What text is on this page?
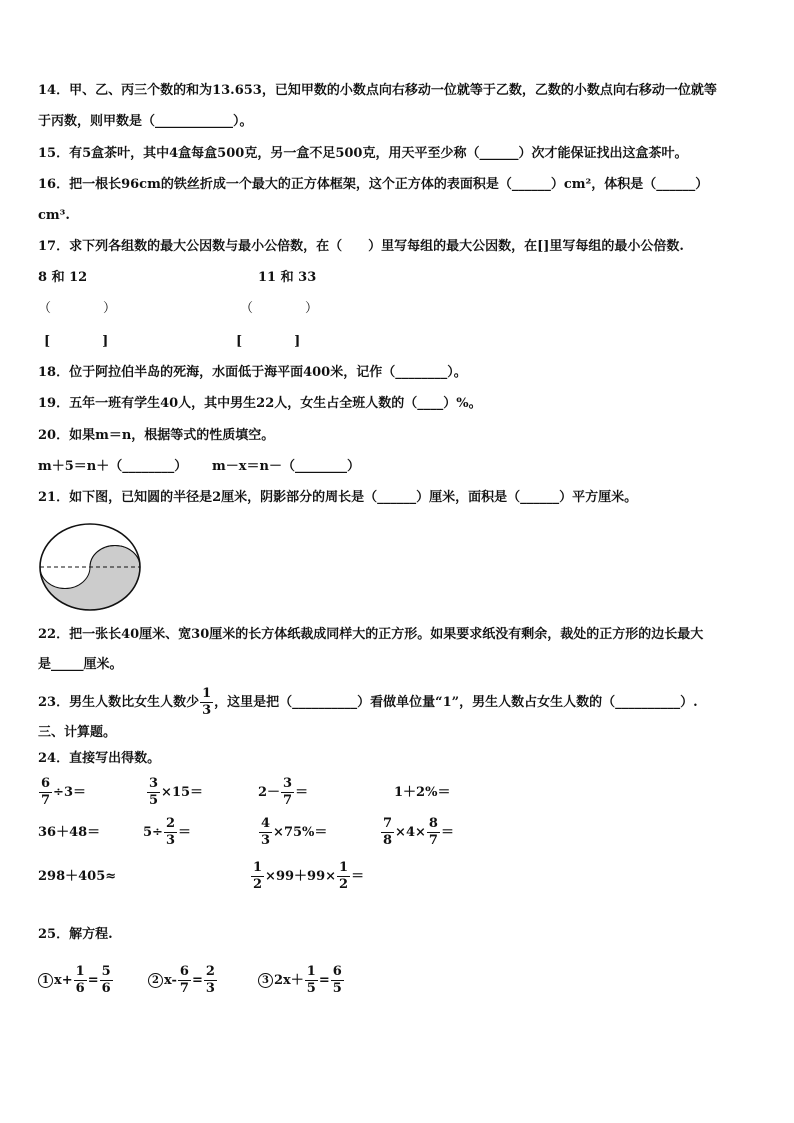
14．甲、乙、丙三个数的和为13.653，已知甲数的小数点向右移动一位就等于乙数，乙数的小数点向右移动一位就等
于丙数，则甲数是（____________）。
15．有5盒茶叶，其中4盒每盒500克，另一盒不足500克，用天平至少称（______）次才能保证找出这盒茶叶。
16．把一根长96cm的铁丝折成一个最大的正方体框架，这个正方体的表面积是（______）cm²，体积是（______）
cm³.
17．求下列各组数的最大公因数与最小公倍数，在（　　）里写每组的最大公因数，在[]里写每组的最小公倍数.
8 和 12	11 和 33
（　　　　）	（　　　　）
[　　　　]	[　　　　]
18．位于阿拉伯半岛的死海，水面低于海平面400米，记作（________）。
19．五年一班有学生40人，其中男生22人，女生占全班人数的（____）%。
20．如果m＝n，根据等式的性质填空。
m＋5＝n＋（________） m－x＝n－（________）
21．如下图，已知圆的半径是2厘米，阴影部分的周长是（______）厘米，面积是（______）平方厘米。
22．把一张长40厘米、宽30厘米的长方体纸裁成同样大的正方形。如果要求纸没有剩余，裁处的正方形的边长最大
是_____厘米。
23．男生人数比女生人数少 $\frac{1}{3}$ ，这里是把（__________）看做单位量“1”，男生人数占女生人数的（__________）.
三、计算题。
24．直接写出得数。
$\frac{6}{7} \div 3=$	$\frac{3}{5} \times 15=$	$2- \frac{3}{7}$ ＝	1＋2%＝
36＋48＝	$5\div \frac{2}{3}$ ＝	$\frac{4}{3} \times 75\%=$	$\frac{7}{8} \times 4\times \frac{8}{7}$ ＝
298＋405≈	$\frac{1}{2} \times 99+99\times \frac{1}{2}$ ＝
25．解方程.
1 $x+ \frac{1}{6} = \frac{5}{6}$	2 $x- \frac{6}{7} = \frac{2}{3}$	3 $2x+ \frac{1}{5} = \frac{6}{5}$
